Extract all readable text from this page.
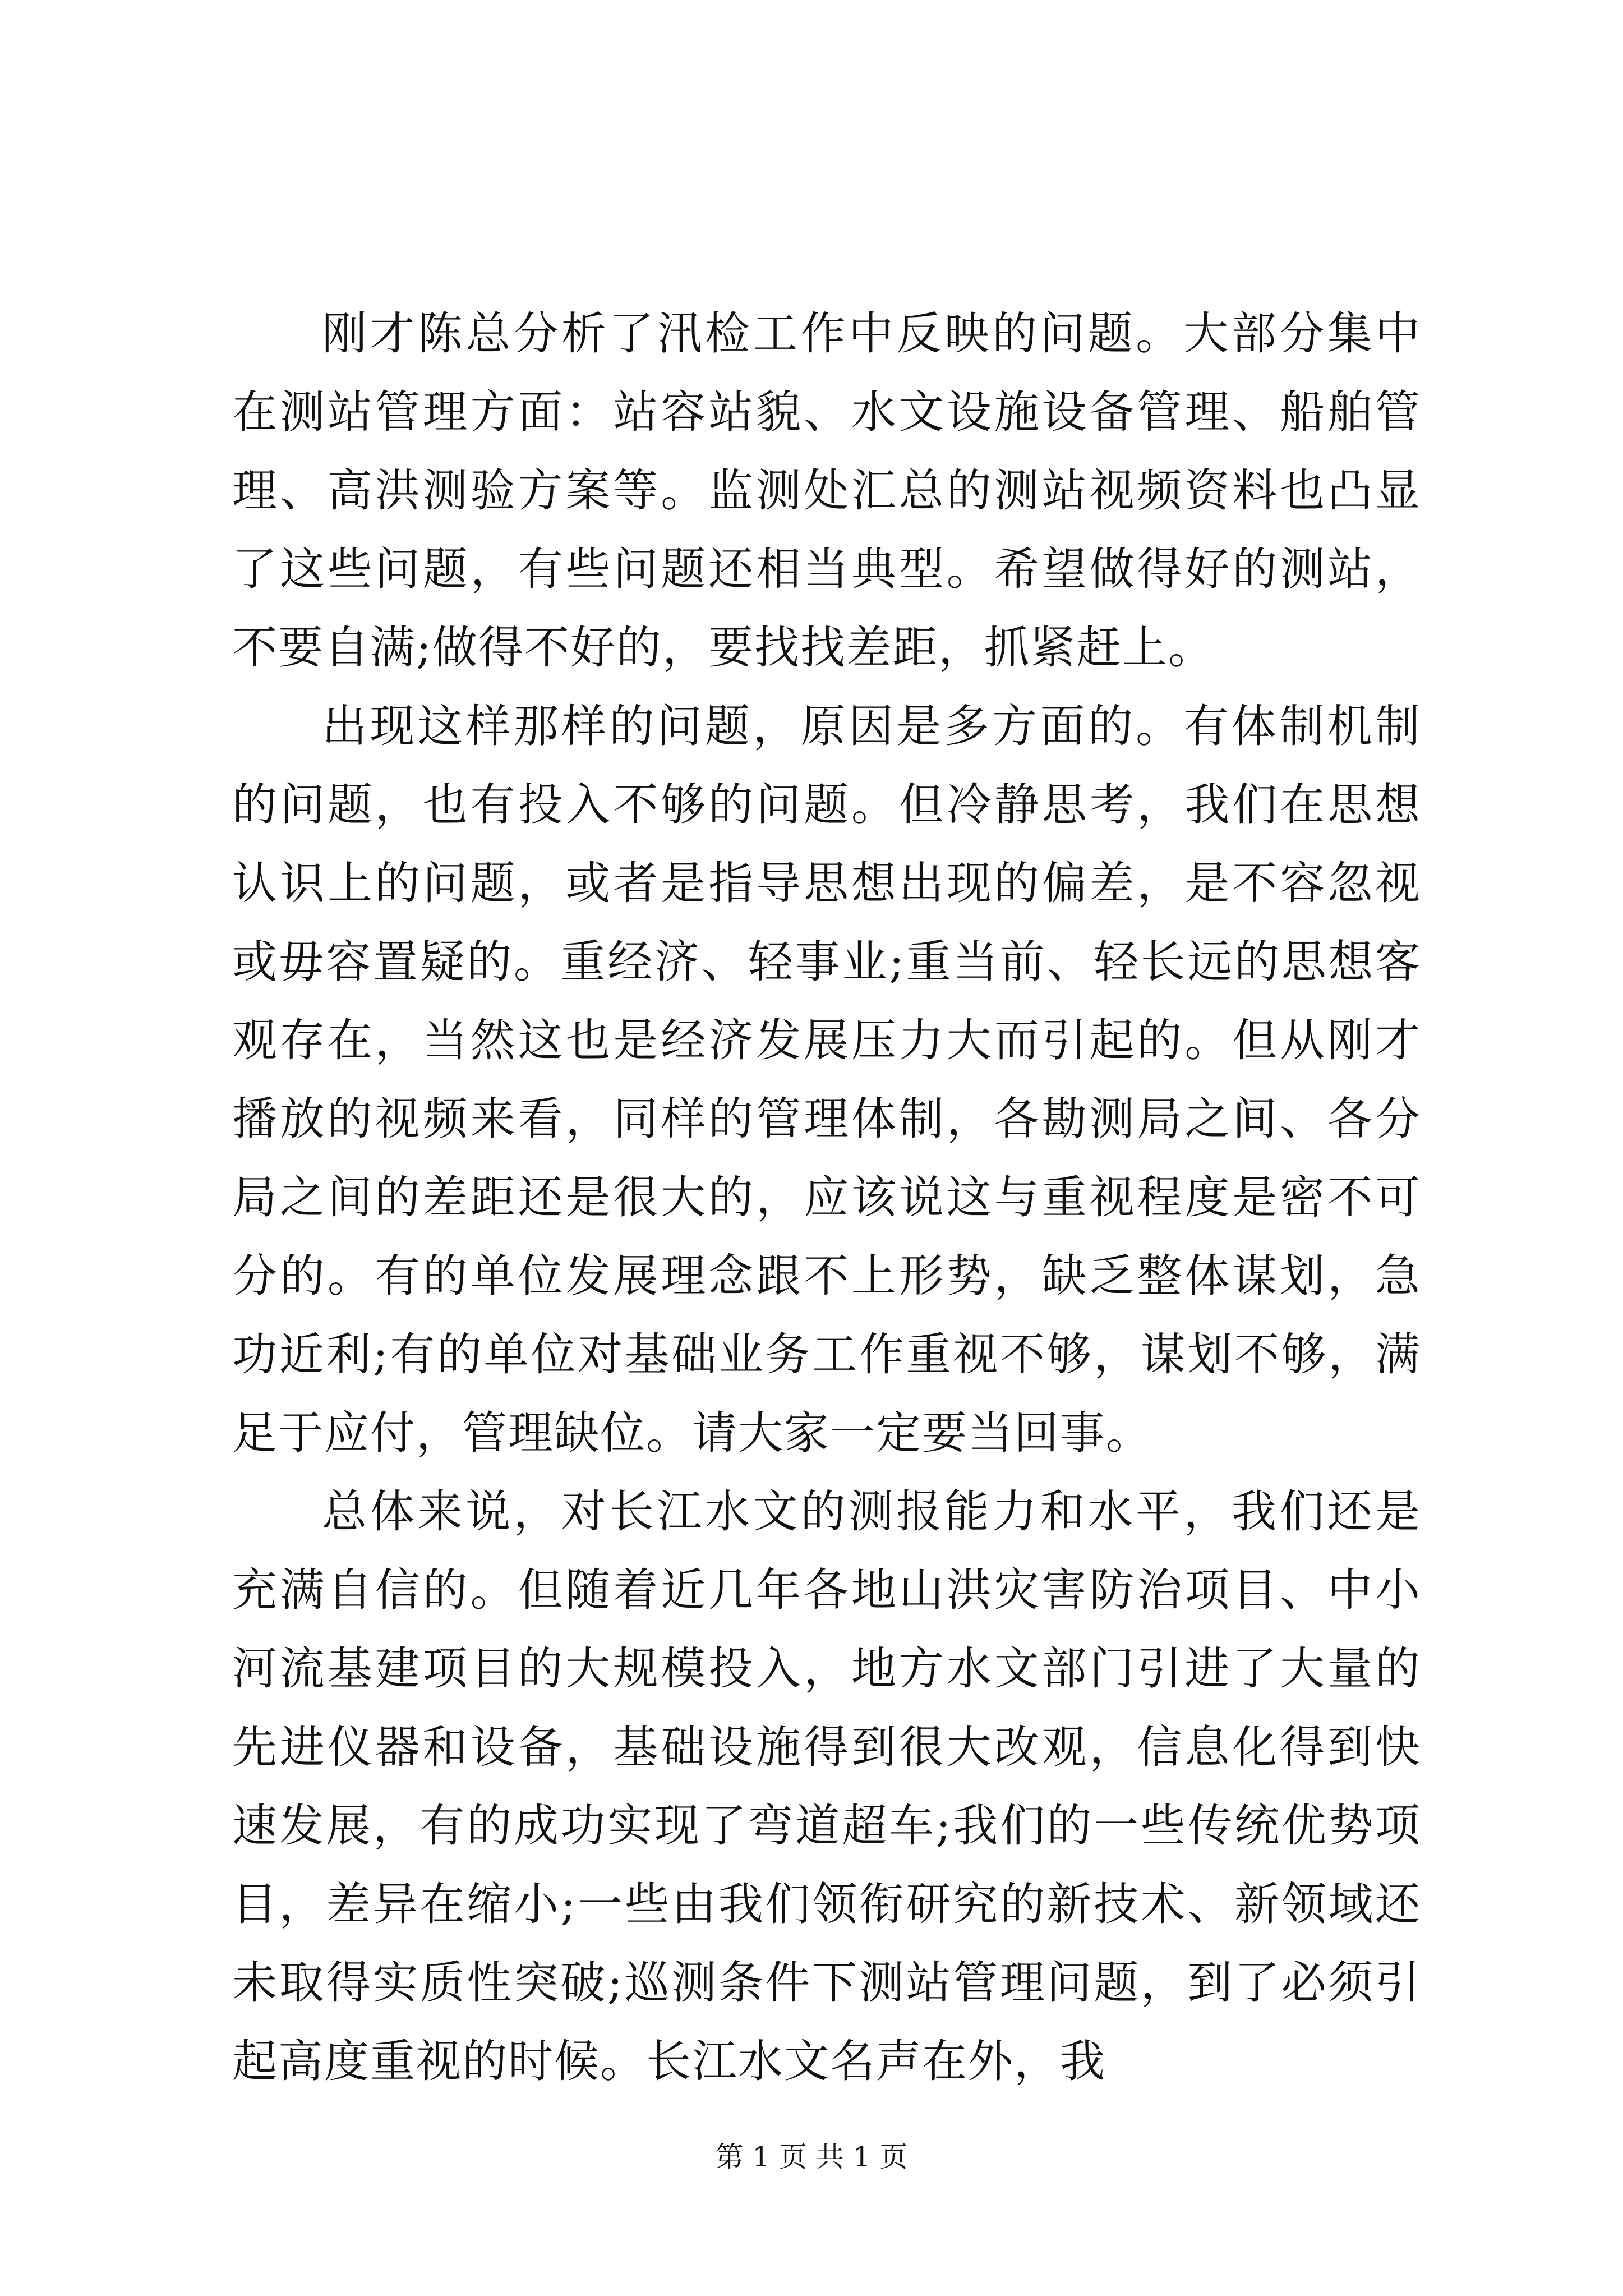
刚才陈总分析了汛检工作中反映的问题。大部分集中在测站管理方面：站容站貌、水文设施设备管理、船舶管理、高洪测验方案等。监测处汇总的测站视频资料也凸显了这些问题，有些问题还相当典型。希望做得好的测站，不要自满;做得不好的，要找找差距，抓紧赶上。

出现这样那样的问题，原因是多方面的。有体制机制的问题，也有投入不够的问题。但冷静思考，我们在思想认识上的问题，或者是指导思想出现的偏差，是不容忽视或毋容置疑的。重经济、轻事业;重当前、轻长远的思想客观存在，当然这也是经济发展压力大而引起的。但从刚才播放的视频来看，同样的管理体制，各勘测局之间、各分局之间的差距还是很大的，应该说这与重视程度是密不可分的。有的单位发展理念跟不上形势，缺乏整体谋划，急功近利;有的单位对基础业务工作重视不够，谋划不够，满足于应付，管理缺位。请大家一定要当回事。

总体来说，对长江水文的测报能力和水平，我们还是充满自信的。但随着近几年各地山洪灾害防治项目、中小河流基建项目的大规模投入，地方水文部门引进了大量的先进仪器和设备，基础设施得到很大改观，信息化得到快速发展，有的成功实现了弯道超车;我们的一些传统优势项目，差异在缩小;一些由我们领衔研究的新技术、新领域还未取得实质性突破;巡测条件下测站管理问题，到了必须引起高度重视的时候。长江水文名声在外，我

第 1 页 共 1 页
